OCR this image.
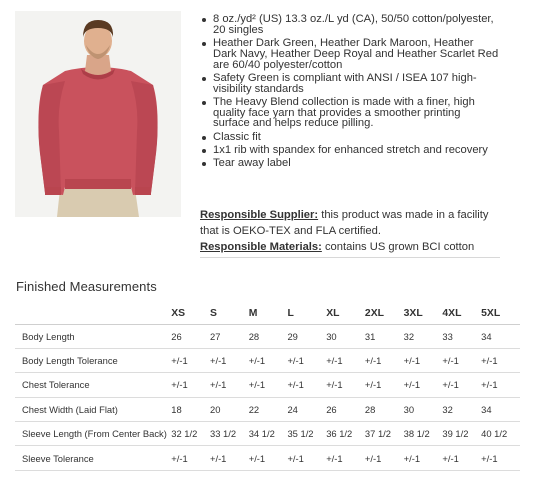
8 oz./yd² (US) 13.3 oz./L yd (CA), 50/50 cotton/polyester, 20 singles
Heather Dark Green, Heather Dark Maroon, Heather Dark Navy, Heather Deep Royal and Heather Scarlet Red are 60/40 polyester/cotton
Safety Green is compliant with ANSI / ISEA 107 high-visibility standards
The Heavy Blend collection is made with a finer, high quality face yarn that provides a smoother printing surface and helps reduce pilling.
Classic fit
1x1 rib with spandex for enhanced stretch and recovery
Tear away label
Responsible Supplier: this product was made in a facility that is OEKO-TEX and FLA certified.
Responsible Materials: contains US grown BCI cotton
Finished Measurements
	XS	S	M	L	XL	2XL	3XL	4XL	5XL
Body Length	26	27	28	29	30	31	32	33	34
Body Length Tolerance	+/-1	+/-1	+/-1	+/-1	+/-1	+/-1	+/-1	+/-1	+/-1
Chest Tolerance	+/-1	+/-1	+/-1	+/-1	+/-1	+/-1	+/-1	+/-1	+/-1
Chest Width (Laid Flat)	18	20	22	24	26	28	30	32	34
Sleeve Length (From Center Back)	32 1/2	33 1/2	34 1/2	35 1/2	36 1/2	37 1/2	38 1/2	39 1/2	40 1/2
Sleeve Tolerance	+/-1	+/-1	+/-1	+/-1	+/-1	+/-1	+/-1	+/-1	+/-1
